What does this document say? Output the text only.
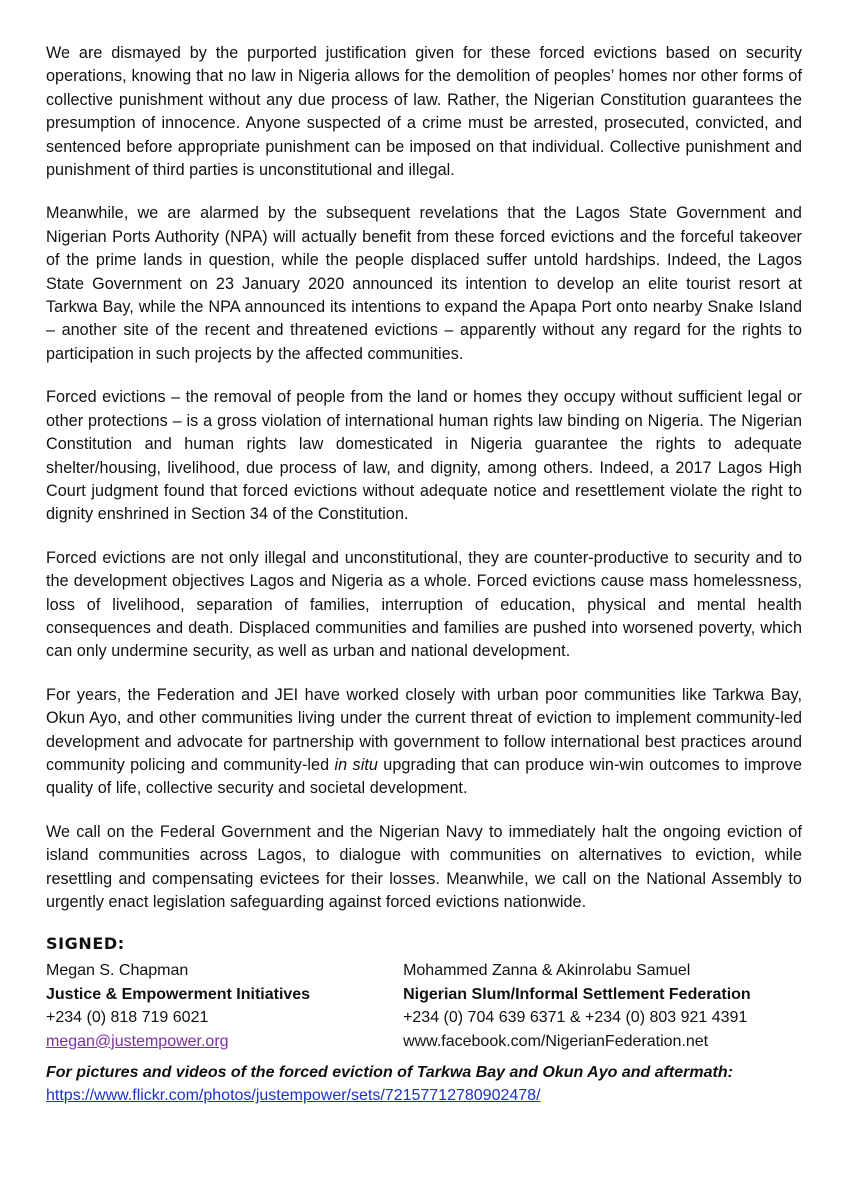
We are dismayed by the purported justification given for these forced evictions based on security operations, knowing that no law in Nigeria allows for the demolition of peoples’ homes nor other forms of collective punishment without any due process of law. Rather, the Nigerian Constitution guarantees the presumption of innocence. Anyone suspected of a crime must be arrested, prosecuted, convicted, and sentenced before appropriate punishment can be imposed on that individual. Collective punishment and punishment of third parties is unconstitutional and illegal.

Meanwhile, we are alarmed by the subsequent revelations that the Lagos State Government and Nigerian Ports Authority (NPA) will actually benefit from these forced evictions and the forceful takeover of the prime lands in question, while the people displaced suffer untold hardships. Indeed, the Lagos State Government on 23 January 2020 announced its intention to develop an elite tourist resort at Tarkwa Bay, while the NPA announced its intentions to expand the Apapa Port onto nearby Snake Island – another site of the recent and threatened evictions – apparently without any regard for the rights to participation in such projects by the affected communities.

Forced evictions – the removal of people from the land or homes they occupy without sufficient legal or other protections – is a gross violation of international human rights law binding on Nigeria. The Nigerian Constitution and human rights law domesticated in Nigeria guarantee the rights to adequate shelter/housing, livelihood, due process of law, and dignity, among others. Indeed, a 2017 Lagos High Court judgment found that forced evictions without adequate notice and resettlement violate the right to dignity enshrined in Section 34 of the Constitution.

Forced evictions are not only illegal and unconstitutional, they are counter-productive to security and to the development objectives Lagos and Nigeria as a whole. Forced evictions cause mass homelessness, loss of livelihood, separation of families, interruption of education, physical and mental health consequences and death. Displaced communities and families are pushed into worsened poverty, which can only undermine security, as well as urban and national development.

For years, the Federation and JEI have worked closely with urban poor communities like Tarkwa Bay, Okun Ayo, and other communities living under the current threat of eviction to implement community-led development and advocate for partnership with government to follow international best practices around community policing and community-led in situ upgrading that can produce win-win outcomes to improve quality of life, collective security and societal development.

We call on the Federal Government and the Nigerian Navy to immediately halt the ongoing eviction of island communities across Lagos, to dialogue with communities on alternatives to eviction, while resettling and compensating evictees for their losses. Meanwhile, we call on the National Assembly to urgently enact legislation safeguarding against forced evictions nationwide.

SIGNED:
Megan S. Chapman
Justice & Empowerment Initiatives
+234 (0) 818 719 6021
megan@justempower.org
Mohammed Zanna & Akinrolabu Samuel
Nigerian Slum/Informal Settlement Federation
+234 (0) 704 639 6371 & +234 (0) 803 921 4391
www.facebook.com/NigerianFederation.net
For pictures and videos of the forced eviction of Tarkwa Bay and Okun Ayo and aftermath:
https://www.flickr.com/photos/justempower/sets/72157712780902478/
